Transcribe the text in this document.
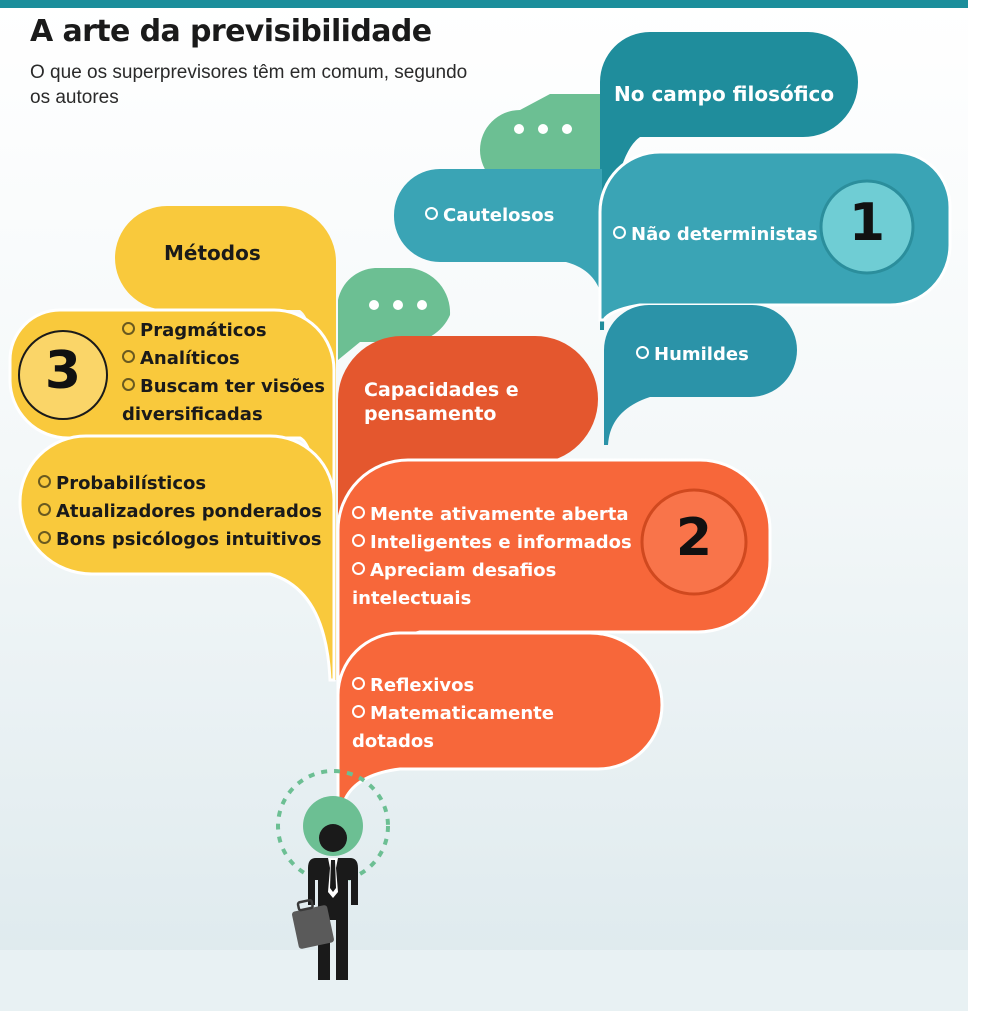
A arte da previsibilidade

O que os superprevisores têm em comum, segundo os autores	No campo filosófico
Cautelosos
Não deterministas
Humildes
1
Métodos
Pragmáticos
Analíticos
Buscam ter visões diversificadas
Probabilísticos
Atualizadores ponderados
Bons psicólogos intuitivos
3	Capacidades e pensamento
Mente ativamente aberta
Inteligentes e informados
Apreciam desafios intelectuais
Reflexivos
Matematicamente dotados
2
